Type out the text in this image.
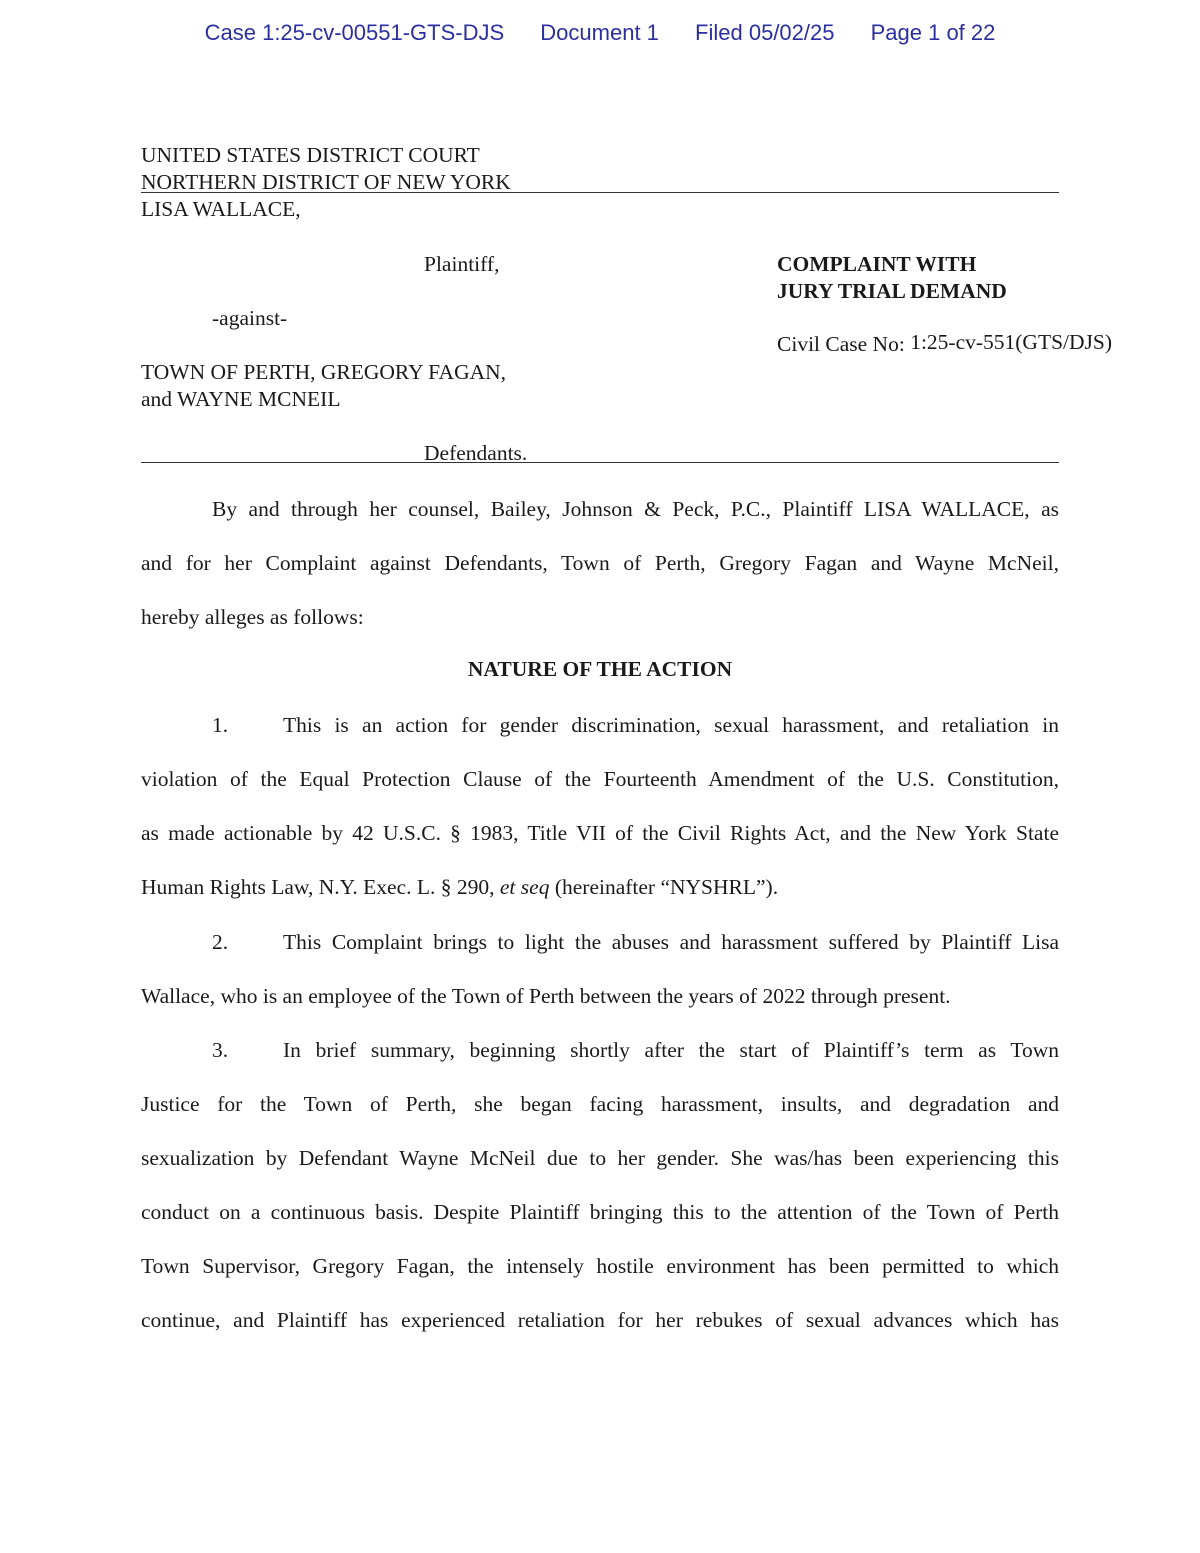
Case 1:25-cv-00551-GTS-DJS Document 1 Filed 05/02/25 Page 1 of 22
UNITED STATES DISTRICT COURT
NORTHERN DISTRICT OF NEW YORK
LISA WALLACE,
Plaintiff,
-against-
TOWN OF PERTH, GREGORY FAGAN,
and WAYNE MCNEIL
Defendants.
COMPLAINT WITH
JURY TRIAL DEMAND
Civil Case No: 1:25-cv-551(GTS/DJS)
By and through her counsel, Bailey, Johnson & Peck, P.C., Plaintiff LISA WALLACE, as
and for her Complaint against Defendants, Town of Perth, Gregory Fagan and Wayne McNeil,
hereby alleges as follows:
NATURE OF THE ACTION
1.	This is an action for gender discrimination, sexual harassment, and retaliation in
violation of the Equal Protection Clause of the Fourteenth Amendment of the U.S. Constitution,
as made actionable by 42 U.S.C. § 1983, Title VII of the Civil Rights Act, and the New York State
Human Rights Law, N.Y. Exec. L. § 290, et seq (hereinafter “NYSHRL”).
2.	This Complaint brings to light the abuses and harassment suffered by Plaintiff Lisa
Wallace, who is an employee of the Town of Perth between the years of 2022 through present.
3.	In brief summary, beginning shortly after the start of Plaintiff’s term as Town
Justice for the Town of Perth, she began facing harassment, insults, and degradation and
sexualization by Defendant Wayne McNeil due to her gender. She was/has been experiencing this
conduct on a continuous basis. Despite Plaintiff bringing this to the attention of the Town of Perth
Town Supervisor, Gregory Fagan, the intensely hostile environment has been permitted to which
continue, and Plaintiff has experienced retaliation for her rebukes of sexual advances which has
